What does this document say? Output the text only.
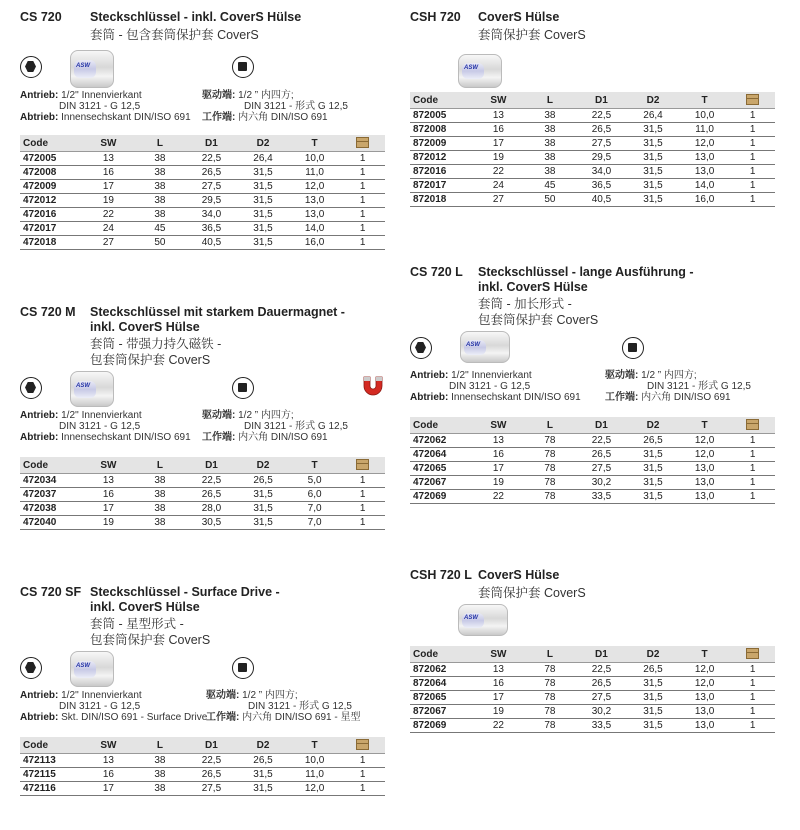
CS 720 Steckschlüssel - inkl. CoverS Hülse
套筒 - 包含套筒保护套 CoverS
ASW
Antrieb: 1/2'' Innenvierkant
DIN 3121 - G 12,5
Abtrieb: Innensechskant DIN/ISO 691
驱动端: 1/2 ” 内四方;
DIN 3121 - 形式 G 12,5
工作端: 内六角 DIN/ISO 691
Code	SW	L	D1	D2	T	
472005	13	38	22,5	26,4	10,0	1
472008	16	38	26,5	31,5	11,0	1
472009	17	38	27,5	31,5	12,0	1
472012	19	38	29,5	31,5	13,0	1
472016	22	38	34,0	31,5	13,0	1
472017	24	45	36,5	31,5	14,0	1
472018	27	50	40,5	31,5	16,0	1
CSH 720 CoverS Hülse
套筒保护套 CoverS
ASW
Code	SW	L	D1	D2	T	
872005	13	38	22,5	26,4	10,0	1
872008	16	38	26,5	31,5	11,0	1
872009	17	38	27,5	31,5	12,0	1
872012	19	38	29,5	31,5	13,0	1
872016	22	38	34,0	31,5	13,0	1
872017	24	45	36,5	31,5	14,0	1
872018	27	50	40,5	31,5	16,0	1
CS 720 M Steckschlüssel mit starkem Dauermagnet -
inkl. CoverS Hülse
套筒 - 带强力持久磁铁 -
包套筒保护套 CoverS
ASW
Antrieb: 1/2'' Innenvierkant
DIN 3121 - G 12,5
Abtrieb: Innensechskant DIN/ISO 691
驱动端: 1/2 ” 内四方;
DIN 3121 - 形式 G 12,5
工作端: 内六角 DIN/ISO 691
Code	SW	L	D1	D2	T	
472034	13	38	22,5	26,5	5,0	1
472037	16	38	26,5	31,5	6,0	1
472038	17	38	28,0	31,5	7,0	1
472040	19	38	30,5	31,5	7,0	1
CS 720 L Steckschlüssel - lange Ausführung -
inkl. CoverS Hülse
套筒 - 加长形式 -
包套筒保护套 CoverS
ASW
Antrieb: 1/2'' Innenvierkant
DIN 3121 - G 12,5
Abtrieb: Innensechskant DIN/ISO 691
驱动端: 1/2 ” 内四方;
DIN 3121 - 形式 G 12,5
工作端: 内六角 DIN/ISO 691
Code	SW	L	D1	D2	T	
472062	13	78	22,5	26,5	12,0	1
472064	16	78	26,5	31,5	12,0	1
472065	17	78	27,5	31,5	13,0	1
472067	19	78	30,2	31,5	13,0	1
472069	22	78	33,5	31,5	13,0	1
CS 720 SF Steckschlüssel - Surface Drive -
inkl. CoverS Hülse
套筒 - 星型形式 -
包套筒保护套 CoverS
ASW
Antrieb: 1/2'' Innenvierkant
DIN 3121 - G 12,5
Abtrieb: Skt. DIN/ISO 691 - Surface Drive
驱动端: 1/2 ” 内四方;
DIN 3121 - 形式 G 12,5
工作端: 内六角 DIN/ISO 691 - 星型
Code	SW	L	D1	D2	T	
472113	13	38	22,5	26,5	10,0	1
472115	16	38	26,5	31,5	11,0	1
472116	17	38	27,5	31,5	12,0	1
CSH 720 L CoverS Hülse
套筒保护套 CoverS
ASW
Code	SW	L	D1	D2	T	
872062	13	78	22,5	26,5	12,0	1
872064	16	78	26,5	31,5	12,0	1
872065	17	78	27,5	31,5	13,0	1
872067	19	78	30,2	31,5	13,0	1
872069	22	78	33,5	31,5	13,0	1
